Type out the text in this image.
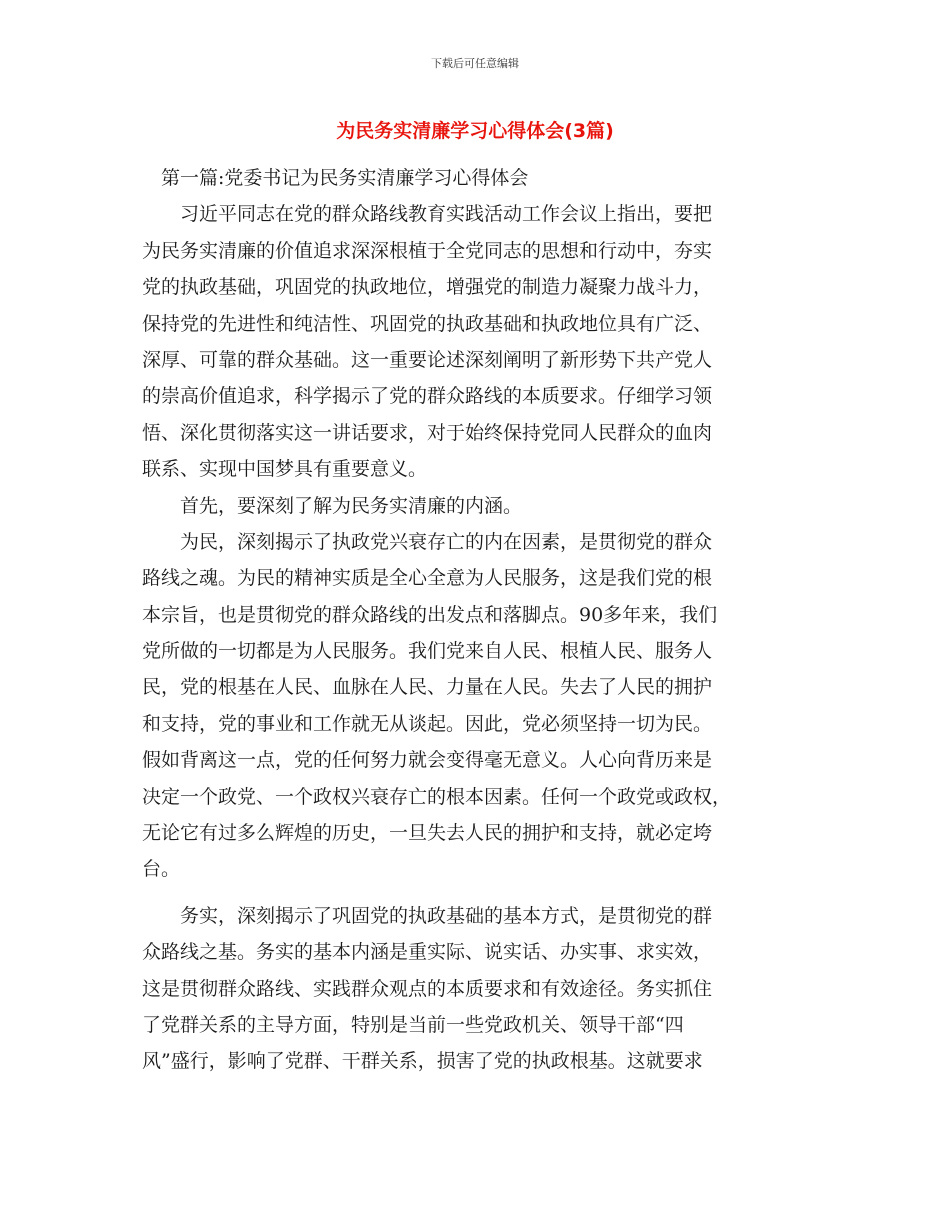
下载后可任意编辑
为民务实清廉学习心得体会(3篇)
　第一篇:党委书记为民务实清廉学习心得体会
　　习近平同志在党的群众路线教育实践活动工作会议上指出，要把
为民务实清廉的价值追求深深根植于全党同志的思想和行动中，夯实
党的执政基础，巩固党的执政地位，增强党的制造力凝聚力战斗力，
保持党的先进性和纯洁性、巩固党的执政基础和执政地位具有广泛、
深厚、可靠的群众基础。这一重要论述深刻阐明了新形势下共产党人
的崇高价值追求，科学揭示了党的群众路线的本质要求。仔细学习领
悟、深化贯彻落实这一讲话要求，对于始终保持党同人民群众的血肉
联系、实现中国梦具有重要意义。
　　首先，要深刻了解为民务实清廉的内涵。
　　为民，深刻揭示了执政党兴衰存亡的内在因素，是贯彻党的群众
路线之魂。为民的精神实质是全心全意为人民服务，这是我们党的根
本宗旨，也是贯彻党的群众路线的出发点和落脚点。90多年来，我们
党所做的一切都是为人民服务。我们党来自人民、根植人民、服务人
民，党的根基在人民、血脉在人民、力量在人民。失去了人民的拥护
和支持，党的事业和工作就无从谈起。因此，党必须坚持一切为民。
假如背离这一点，党的任何努力就会变得毫无意义。人心向背历来是
决定一个政党、一个政权兴衰存亡的根本因素。任何一个政党或政权，
无论它有过多么辉煌的历史，一旦失去人民的拥护和支持，就必定垮
台。
　　务实，深刻揭示了巩固党的执政基础的基本方式，是贯彻党的群
众路线之基。务实的基本内涵是重实际、说实话、办实事、求实效，
这是贯彻群众路线、实践群众观点的本质要求和有效途径。务实抓住
了党群关系的主导方面，特别是当前一些党政机关、领导干部“四
风”盛行，影响了党群、干群关系，损害了党的执政根基。这就要求
